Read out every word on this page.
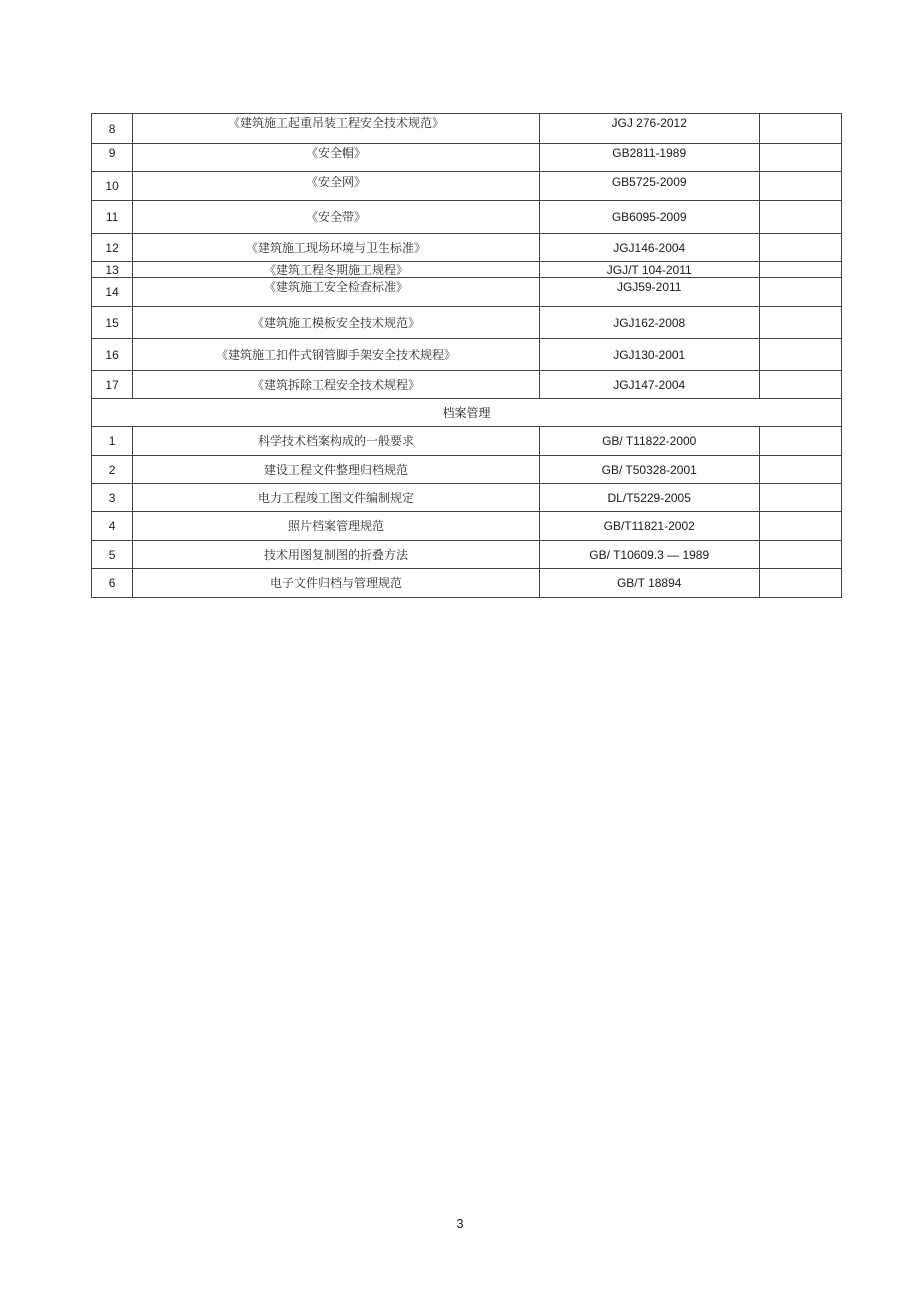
8	《建筑施工起重吊装工程安全技术规范》	JGJ 276-2012	
9	《安全帽》	GB2811-1989	
10	《安全网》	GB5725-2009	
11	《安全带》	GB6095-2009	
12	《建筑施工现场环境与卫生标准》	JGJ146-2004	
13	《建筑工程冬期施工规程》	JGJ/T 104-2011	
14	《建筑施工安全检查标准》	JGJ59-2011	
15	《建筑施工模板安全技术规范》	JGJ162-2008	
16	《建筑施工扣件式钢管脚手架安全技术规程》	JGJ130-2001	
17	《建筑拆除工程安全技术规程》	JGJ147-2004	
档案管理			
1	科学技术档案构成的一般要求	GB/ T11822-2000	
2	建设工程文件整理归档规范	GB/ T50328-2001	
3	电力工程竣工图文件编制规定	DL/T5229-2005	
4	照片档案管理规范	GB/T11821-2002	
5	技术用图复制图的折叠方法	GB/ T10609.3 — 1989	
6	电子文件归档与管理规范	GB/T 18894	
3
